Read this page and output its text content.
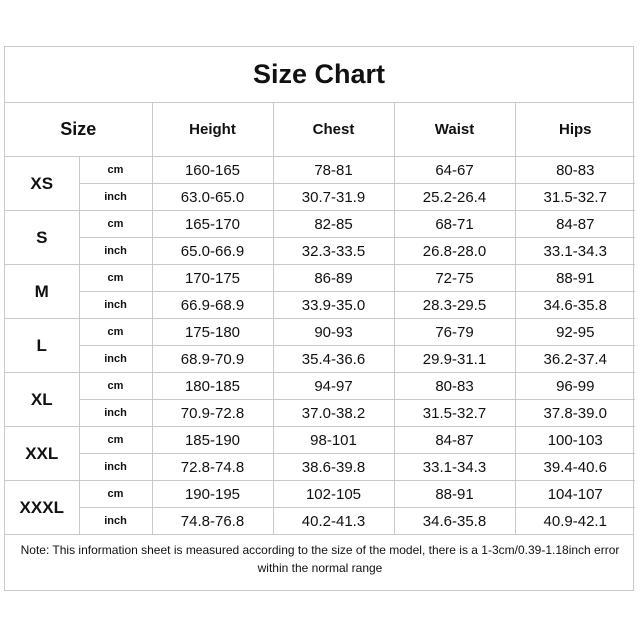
Size Chart
Size		Height	Chest	Waist	Hips
XS	cm	160-165	78-81	64-67	80-83
	inch	63.0-65.0	30.7-31.9	25.2-26.4	31.5-32.7
S	cm	165-170	82-85	68-71	84-87
	inch	65.0-66.9	32.3-33.5	26.8-28.0	33.1-34.3
M	cm	170-175	86-89	72-75	88-91
	inch	66.9-68.9	33.9-35.0	28.3-29.5	34.6-35.8
L	cm	175-180	90-93	76-79	92-95
	inch	68.9-70.9	35.4-36.6	29.9-31.1	36.2-37.4
XL	cm	180-185	94-97	80-83	96-99
	inch	70.9-72.8	37.0-38.2	31.5-32.7	37.8-39.0
XXL	cm	185-190	98-101	84-87	100-103
	inch	72.8-74.8	38.6-39.8	33.1-34.3	39.4-40.6
XXXL	cm	190-195	102-105	88-91	104-107
	inch	74.8-76.8	40.2-41.3	34.6-35.8	40.9-42.1
Note: This information sheet is measured according to the size of the model, there is a 1-3cm/0.39-1.18inch error within the normal range
